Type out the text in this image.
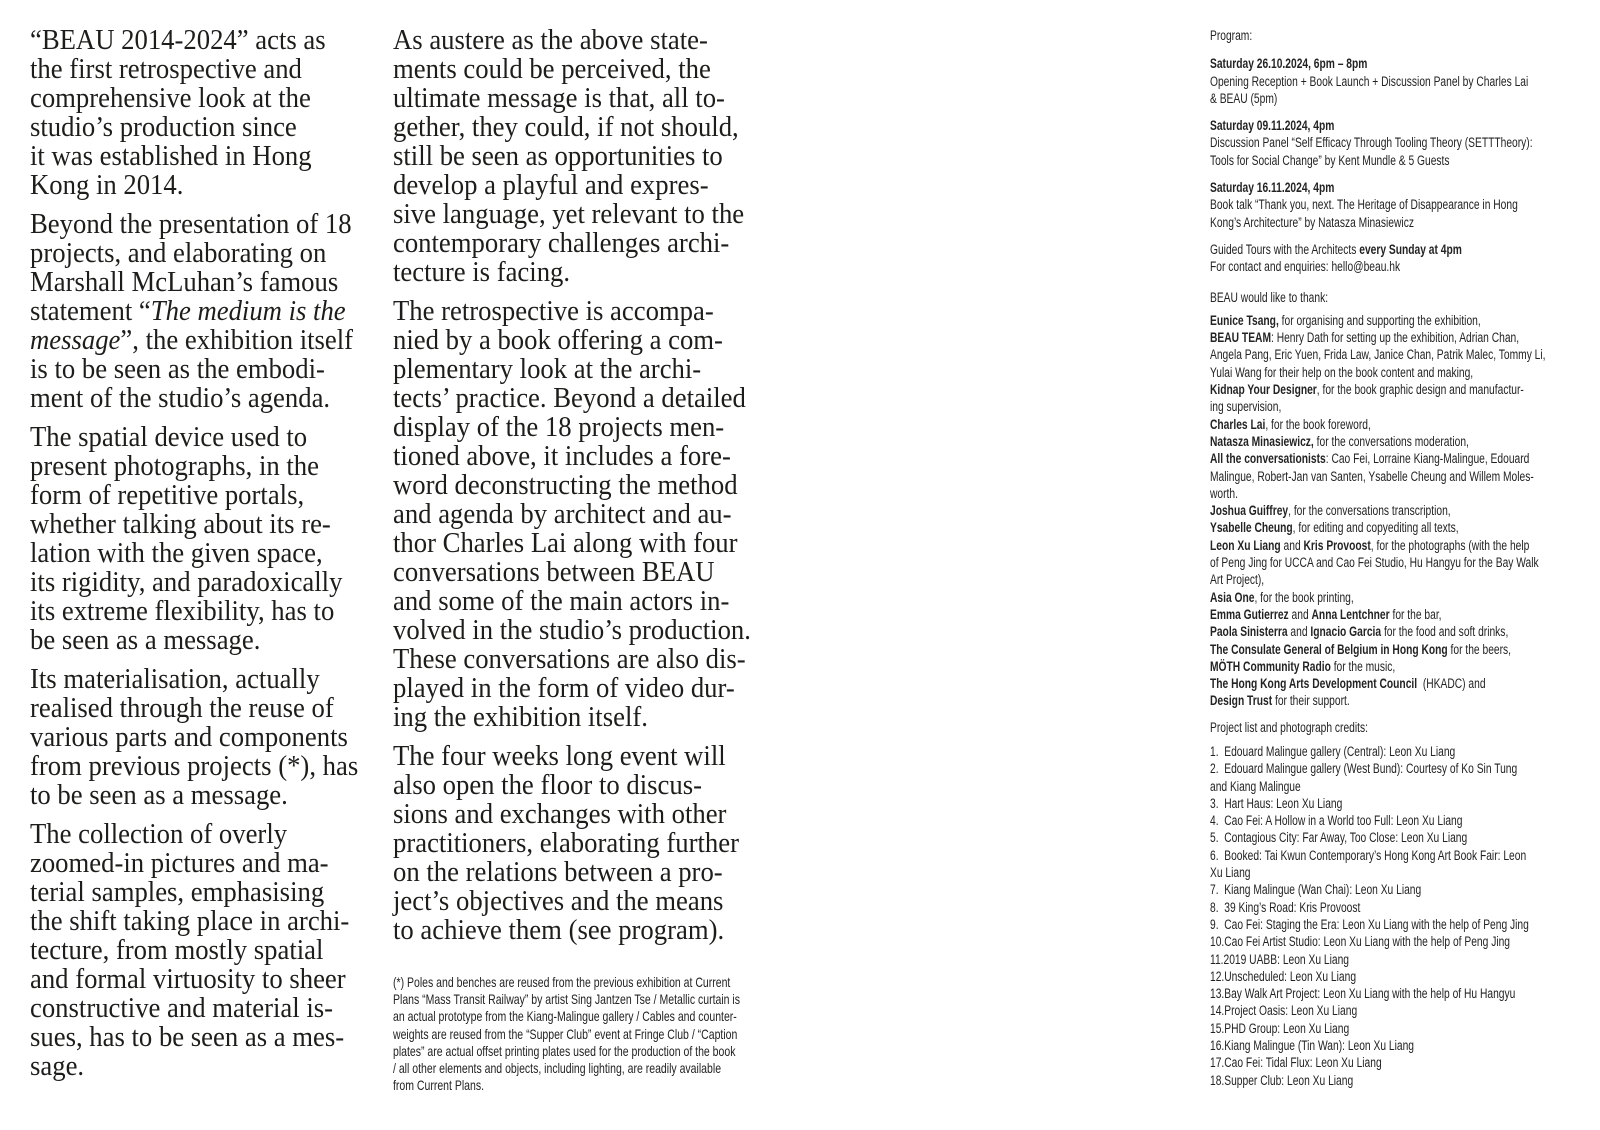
“BEAU 2014-2024” acts as
the first retrospective and
comprehensive look at the
studio’s production since
it was established in Hong
Kong in 2014.
Beyond the presentation of 18
projects, and elaborating on
Marshall McLuhan’s famous
statement “The medium is the
message”, the exhibition itself
is to be seen as the embodi-
ment of the studio’s agenda.
The spatial device used to
present photographs, in the
form of repetitive portals,
whether talking about its re-
lation with the given space,
its rigidity, and paradoxically
its extreme flexibility, has to
be seen as a message.
Its materialisation, actually
realised through the reuse of
various parts and components
from previous projects (*), has
to be seen as a message.
The collection of overly
zoomed-in pictures and ma-
terial samples, emphasising
the shift taking place in archi-
tecture, from mostly spatial
and formal virtuosity to sheer
constructive and material is-
sues, has to be seen as a mes-
sage.
As austere as the above state-
ments could be perceived, the
ultimate message is that, all to-
gether, they could, if not should,
still be seen as opportunities to
develop a playful and expres-
sive language, yet relevant to the
contemporary challenges archi-
tecture is facing.
The retrospective is accompa-
nied by a book offering a com-
plementary look at the archi-
tects’ practice. Beyond a detailed
display of the 18 projects men-
tioned above, it includes a fore-
word deconstructing the method
and agenda by architect and au-
thor Charles Lai along with four
conversations between BEAU
and some of the main actors in-
volved in the studio’s production.
These conversations are also dis-
played in the form of video dur-
ing the exhibition itself.
The four weeks long event will
also open the floor to discus-
sions and exchanges with other
practitioners, elaborating further
on the relations between a pro-
ject’s objectives and the means
to achieve them (see program).
(*) Poles and benches are reused from the previous exhibition at Current
Plans “Mass Transit Railway” by artist Sing Jantzen Tse / Metallic curtain is
an actual prototype from the Kiang-Malingue gallery / Cables and counter-
weights are reused from the “Supper Club” event at Fringe Club / “Caption
plates” are actual offset printing plates used for the production of the book
/ all other elements and objects, including lighting, are readily available
from Current Plans.
Program:
Saturday 26.10.2024, 6pm – 8pm
Opening Reception + Book Launch + Discussion Panel by Charles Lai
& BEAU (5pm)
Saturday 09.11.2024, 4pm
Discussion Panel “Self Efficacy Through Tooling Theory (SETTTheory):
Tools for Social Change” by Kent Mundle & 5 Guests
Saturday 16.11.2024, 4pm
Book talk “Thank you, next. The Heritage of Disappearance in Hong
Kong’s Architecture” by Natasza Minasiewicz
Guided Tours with the Architects every Sunday at 4pm
For contact and enquiries: hello@beau.hk
BEAU would like to thank:
Eunice Tsang, for organising and supporting the exhibition,
BEAU TEAM: Henry Dath for setting up the exhibition, Adrian Chan,
Angela Pang, Eric Yuen, Frida Law, Janice Chan, Patrik Malec, Tommy Li,
Yulai Wang for their help on the book content and making,
Kidnap Your Designer, for the book graphic design and manufactur-
ing supervision,
Charles Lai, for the book foreword,
Natasza Minasiewicz, for the conversations moderation,
All the conversationists: Cao Fei, Lorraine Kiang-Malingue, Edouard
Malingue, Robert-Jan van Santen, Ysabelle Cheung and Willem Moles-
worth.
Joshua Guiffrey, for the conversations transcription,
Ysabelle Cheung, for editing and copyediting all texts,
Leon Xu Liang and Kris Provoost, for the photographs (with the help
of Peng Jing for UCCA and Cao Fei Studio, Hu Hangyu for the Bay Walk
Art Project),
Asia One, for the book printing,
Emma Gutierrez and Anna Lentchner for the bar,
Paola Sinisterra and Ignacio Garcia for the food and soft drinks,
The Consulate General of Belgium in Hong Kong for the beers,
MÖTH Community Radio for the music,
The Hong Kong Arts Development Council  (HKADC) and
Design Trust for their support.
Project list and photograph credits:
1.  Edouard Malingue gallery (Central): Leon Xu Liang
2.  Edouard Malingue gallery (West Bund): Courtesy of Ko Sin Tung
and Kiang Malingue
3.  Hart Haus: Leon Xu Liang
4.  Cao Fei: A Hollow in a World too Full: Leon Xu Liang
5.  Contagious City: Far Away, Too Close: Leon Xu Liang
6.  Booked: Tai Kwun Contemporary’s Hong Kong Art Book Fair: Leon
Xu Liang
7.  Kiang Malingue (Wan Chai): Leon Xu Liang
8.  39 King’s Road: Kris Provoost
9.  Cao Fei: Staging the Era: Leon Xu Liang with the help of Peng Jing
10.Cao Fei Artist Studio: Leon Xu Liang with the help of Peng Jing
11.2019 UABB: Leon Xu Liang
12.Unscheduled: Leon Xu Liang
13.Bay Walk Art Project: Leon Xu Liang with the help of Hu Hangyu
14.Project Oasis: Leon Xu Liang
15.PHD Group: Leon Xu Liang
16.Kiang Malingue (Tin Wan): Leon Xu Liang
17.Cao Fei: Tidal Flux: Leon Xu Liang
18.Supper Club: Leon Xu Liang
